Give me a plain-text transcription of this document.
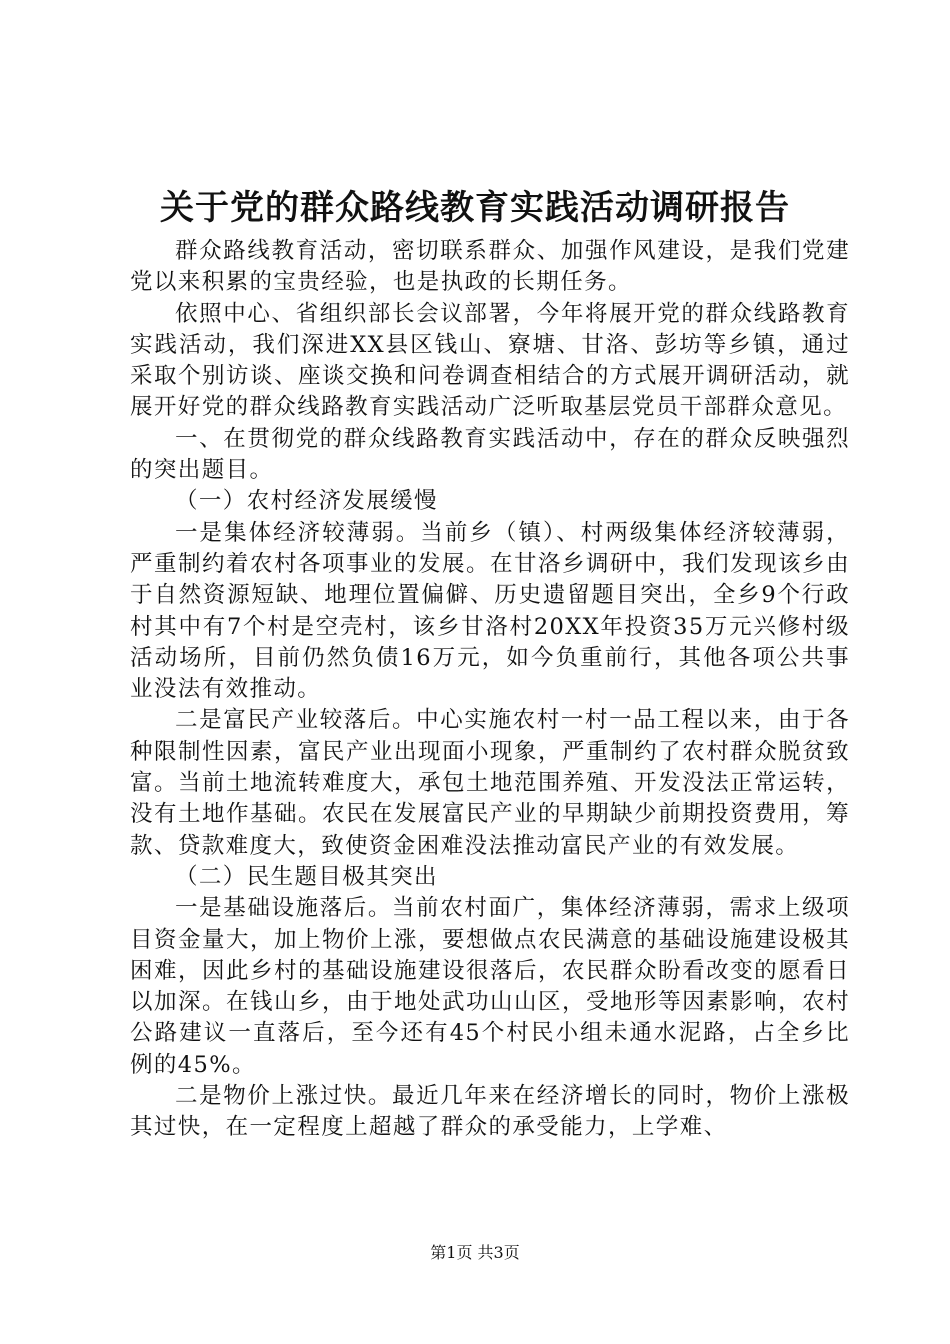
关于党的群众路线教育实践活动调研报告

群众路线教育活动，密切联系群众、加强作风建设，是我们党建党以来积累的宝贵经验，也是执政的长期任务。

依照中心、省组织部长会议部署，今年将展开党的群众线路教育实践活动，我们深进XX县区钱山、寮塘、甘洛、彭坊等乡镇，通过采取个别访谈、座谈交换和问卷调查相结合的方式展开调研活动，就展开好党的群众线路教育实践活动广泛听取基层党员干部群众意见。

一、在贯彻党的群众线路教育实践活动中，存在的群众反映强烈的突出题目。

（一）农村经济发展缓慢

一是集体经济较薄弱。当前乡（镇）、村两级集体经济较薄弱，严重制约着农村各项事业的发展。在甘洛乡调研中，我们发现该乡由于自然资源短缺、地理位置偏僻、历史遗留题目突出，全乡9个行政村其中有7个村是空壳村，该乡甘洛村20XX年投资35万元兴修村级活动场所，目前仍然负债16万元，如今负重前行，其他各项公共事业没法有效推动。

二是富民产业较落后。中心实施农村一村一品工程以来，由于各种限制性因素，富民产业出现面小现象，严重制约了农村群众脱贫致富。当前土地流转难度大，承包土地范围养殖、开发没法正常运转，没有土地作基础。农民在发展富民产业的早期缺少前期投资费用，筹款、贷款难度大，致使资金困难没法推动富民产业的有效发展。

（二）民生题目极其突出

一是基础设施落后。当前农村面广，集体经济薄弱，需求上级项目资金量大，加上物价上涨，要想做点农民满意的基础设施建设极其困难，因此乡村的基础设施建设很落后，农民群众盼看改变的愿看日以加深。在钱山乡，由于地处武功山山区，受地形等因素影响，农村公路建议一直落后，至今还有45个村民小组未通水泥路，占全乡比例的45%。

二是物价上涨过快。最近几年来在经济增长的同时，物价上涨极其过快，在一定程度上超越了群众的承受能力，上学难、

第1页 共3页
